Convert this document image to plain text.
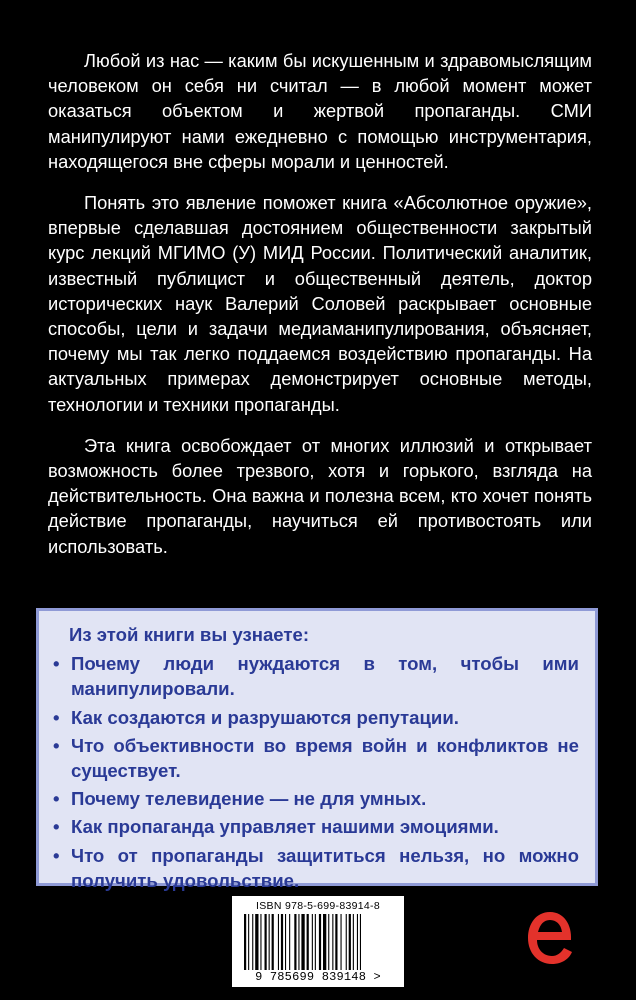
Любой из нас — каким бы искушенным и здравомыслящим человеком он себя ни считал — в любой момент может оказаться объектом и жертвой пропаганды. СМИ манипулируют нами ежедневно с помощью инструментария, находящегося вне сферы морали и ценностей.

Понять это явление поможет книга «Абсолютное оружие», впервые сделавшая достоянием общественности закрытый курс лекций МГИМО (У) МИД России. Политический аналитик, известный публицист и общественный деятель, доктор исторических наук Валерий Соловей раскрывает основные способы, цели и задачи медиаманипулирования, объясняет, почему мы так легко поддаемся воздействию пропаганды. На актуальных примерах демонстрирует основные методы, технологии и техники пропаганды.

Эта книга освобождает от многих иллюзий и открывает возможность более трезвого, хотя и горького, взгляда на действительность. Она важна и полезна всем, кто хочет понять действие пропаганды, научиться ей противостоять или использовать.

Из этой книги вы узнаете:
• Почему люди нуждаются в том, чтобы ими манипулировали.
• Как создаются и разрушаются репутации.
• Что объективности во время войн и конфликтов не существует.
• Почему телевидение — не для умных.
• Как пропаганда управляет нашими эмоциями.
• Что от пропаганды защититься нельзя, но можно получить удовольствие.
ISBN 978-5-699-83914-8
9 785699 839148 >
